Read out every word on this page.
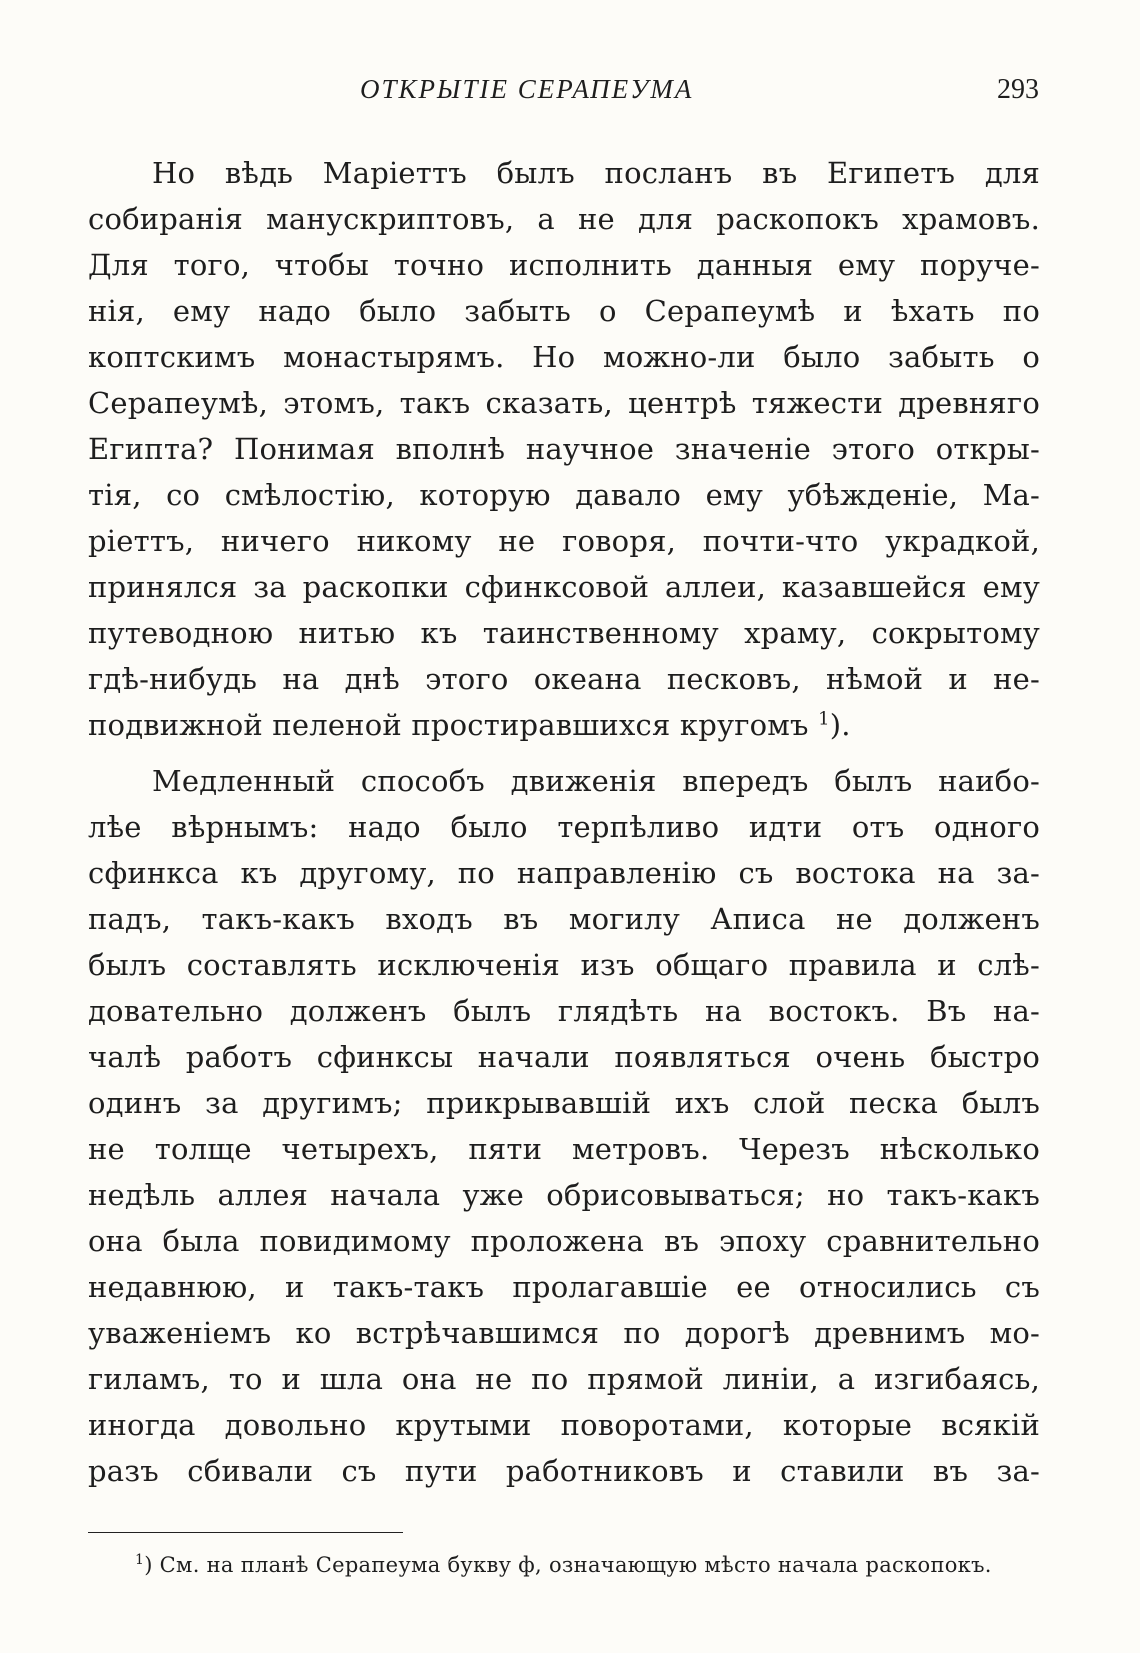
ОТКРЫТІЕ СЕРАПЕУМА	293
Но вѣдь Маріеттъ былъ посланъ въ Египетъ для
собиранія манускриптовъ, а не для раскопокъ храмовъ.
Для того, чтобы точно исполнить данныя ему поруче-
нія, ему надо было забыть о Серапеумѣ и ѣхать по
коптскимъ монастырямъ. Но можно-ли было забыть о
Серапеумѣ, этомъ, такъ сказать, центрѣ тяжести древняго
Египта? Понимая вполнѣ научное значеніе этого откры-
тія, со смѣлостію, которую давало ему убѣжденіе, Ма-
ріеттъ, ничего никому не говоря, почти-что украдкой,
принялся за раскопки сфинксовой аллеи, казавшейся ему
путеводною нитью къ таинственному храму, сокрытому
гдѣ-нибудь на днѣ этого океана песковъ, нѣмой и не-
подвижной пеленой простиравшихся кругомъ $^1$).
Медленный способъ движенія впередъ былъ наибо-
лѣе вѣрнымъ: надо было терпѣливо идти отъ одного
сфинкса къ другому, по направленію съ востока на за-
падъ, такъ-какъ входъ въ могилу Аписа не долженъ
былъ составлять исключенія изъ общаго правила и слѣ-
довательно долженъ былъ глядѣть на востокъ. Въ на-
чалѣ работъ сфинксы начали появляться очень быстро
одинъ за другимъ; прикрывавшій ихъ слой песка былъ
не толще четырехъ, пяти метровъ. Черезъ нѣсколько
недѣль аллея начала уже обрисовываться; но такъ-какъ
она была повидимому проложена въ эпоху сравнительно
недавнюю, и такъ-такъ пролагавшіе ее относились съ
уваженіемъ ко встрѣчавшимся по дорогѣ древнимъ мо-
гиламъ, то и шла она не по прямой линіи, а изгибаясь,
иногда довольно крутыми поворотами, которые всякій
разъ сбивали съ пути работниковъ и ставили въ за-
$^1$) См. на планѣ Серапеума букву ф, означающую мѣсто начала раскопокъ.
